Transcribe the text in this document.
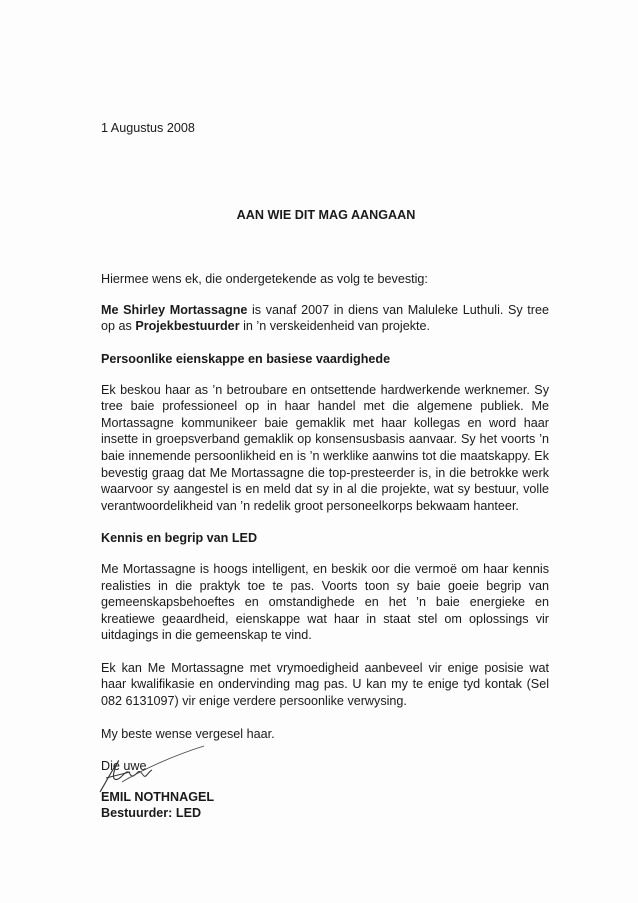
1 Augustus 2008

AAN WIE DIT MAG AANGAAN

Hiermee wens ek, die ondergetekende as volg te bevestig:

Me Shirley Mortassagne is vanaf 2007 in diens van Maluleke Luthuli. Sy tree op as Projekbestuurder in ’n verskeidenheid van projekte.

Persoonlike eienskappe en basiese vaardighede

Ek beskou haar as ’n betroubare en ontsettende hardwerkende werknemer. Sy tree baie professioneel op in haar handel met die algemene publiek. Me Mortassagne kommunikeer baie gemaklik met haar kollegas en word haar insette in groepsverband gemaklik op konsensusbasis aanvaar. Sy het voorts ’n baie innemende persoonlikheid en is ’n werklike aanwins tot die maatskappy. Ek bevestig graag dat Me Mortassagne die top-presteerder is, in die betrokke werk waarvoor sy aangestel is en meld dat sy in al die projekte, wat sy bestuur, volle verantwoordelikheid van ’n redelik groot personeelkorps bekwaam hanteer.

Kennis en begrip van LED

Me Mortassagne is hoogs intelligent, en beskik oor die vermoë om haar kennis realisties in die praktyk toe te pas. Voorts toon sy baie goeie begrip van gemeenskapsbehoeftes en omstandighede en het ’n baie energieke en kreatiewe geaardheid, eienskappe wat haar in staat stel om oplossings vir uitdagings in die gemeenskap te vind.

Ek kan Me Mortassagne met vrymoedigheid aanbeveel vir enige posisie wat haar kwalifikasie en ondervinding mag pas. U kan my te enige tyd kontak (Sel 082 6131097) vir enige verdere persoonlike verwysing.

My beste wense vergesel haar.

Die uwe

EMIL NOTHNAGEL
Bestuurder: LED
